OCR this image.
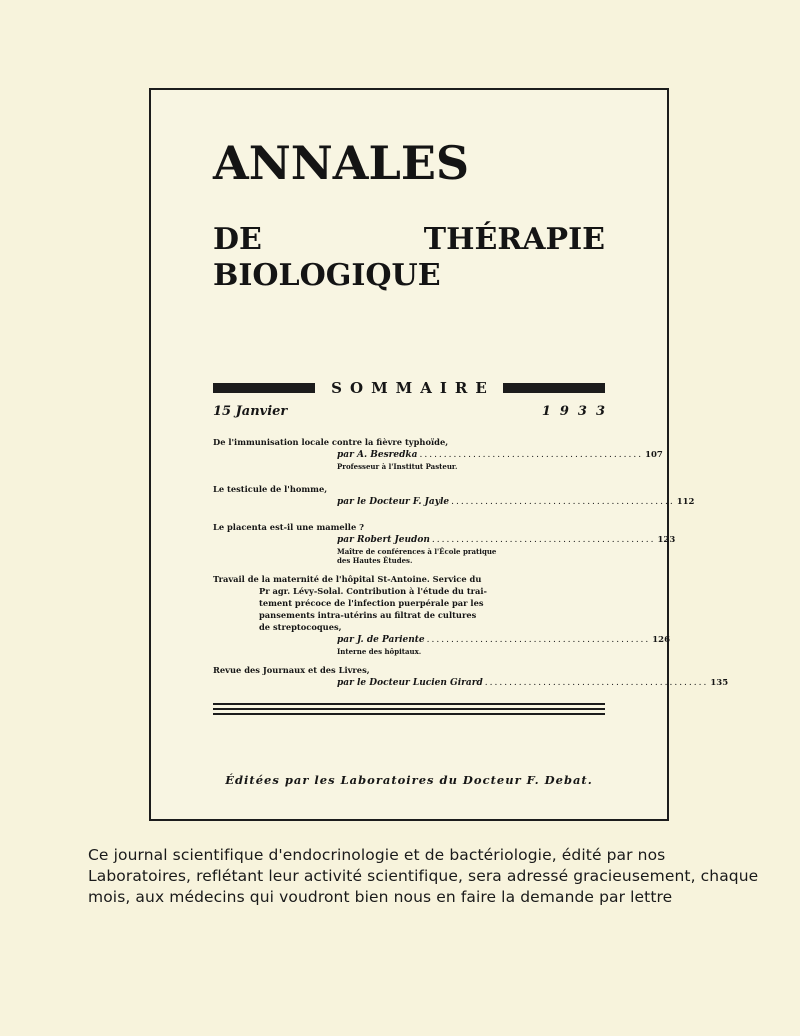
ANNALES
DE THÉRAPIE
BIOLOGIQUE
SOMMAIRE
15 Janvier	1933
De l'immunisation locale contre la fièvre typhoïde,
par A. Besredka .............................................. 107
Professeur à l'Institut Pasteur.
Le testicule de l'homme,
par le Docteur F. Jayle .............................................. 112
Le placenta est-il une mamelle ?
par Robert Jeudon .............................................. 123
Maître de conférences à l'École pratique
des Hautes Études.
Travail de la maternité de l'hôpital St-Antoine. Service du
Pr agr. Lévy-Solal. Contribution à l'étude du trai-
tement précoce de l'infection puerpérale par les
pansements intra-utérins au filtrat de cultures
de streptocoques,
par J. de Pariente .............................................. 126
Interne des hôpitaux.
Revue des Journaux et des Livres,
par le Docteur Lucien Girard .............................................. 135
Éditées par les Laboratoires du Docteur F. Debat.
Ce journal scientifique d'endocrinologie et de bactériologie, édité par nos
Laboratoires, reflétant leur activité scientifique, sera adressé gracieusement, chaque
mois, aux médecins qui voudront bien nous en faire la demande par lettre
